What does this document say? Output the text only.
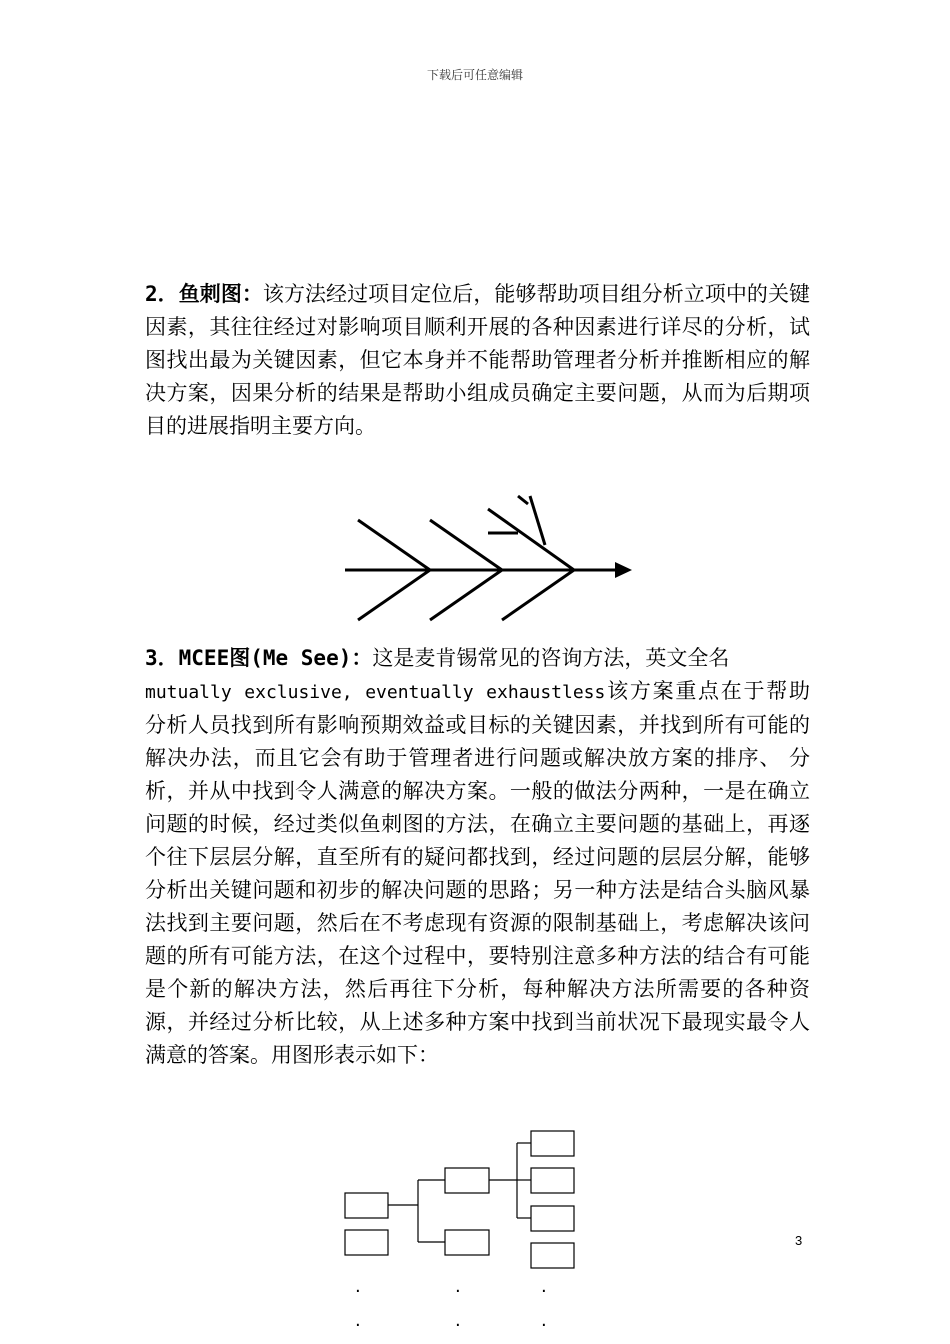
下载后可任意编辑

2．鱼刺图：该方法经过项目定位后，能够帮助项目组分析立项中的关键因素，其往往经过对影响项目顺利开展的各种因素进行详尽的分析，试图找出最为关键因素，但它本身并不能帮助管理者分析并推断相应的解决方案，因果分析的结果是帮助小组成员确定主要问题，从而为后期项目的进展指明主要方向。

3．MCEE图(Me See)：这是麦肯锡常见的咨询方法，英文全名
mutually exclusive, eventually exhaustless该方案重点在于帮助分析人员找到所有影响预期效益或目标的关键因素，并找到所有可能的解决办法，而且它会有助于管理者进行问题或解决放方案的排序、 分析，并从中找到令人满意的解决方案。一般的做法分两种，一是在确立问题的时候，经过类似鱼刺图的方法，在确立主要问题的基础上，再逐个往下层层分解，直至所有的疑问都找到，经过问题的层层分解，能够分析出关键问题和初步的解决问题的思路；另一种方法是结合头脑风暴法找到主要问题，然后在不考虑现有资源的限制基础上，考虑解决该问题的所有可能方法，在这个过程中，要特别注意多种方法的结合有可能是个新的解决方法，然后再往下分析，每种解决方法所需要的各种资源，并经过分析比较，从上述多种方案中找到当前状况下最现实最令人满意的答案。用图形表示如下：

.	.	.
.	.	.
3
